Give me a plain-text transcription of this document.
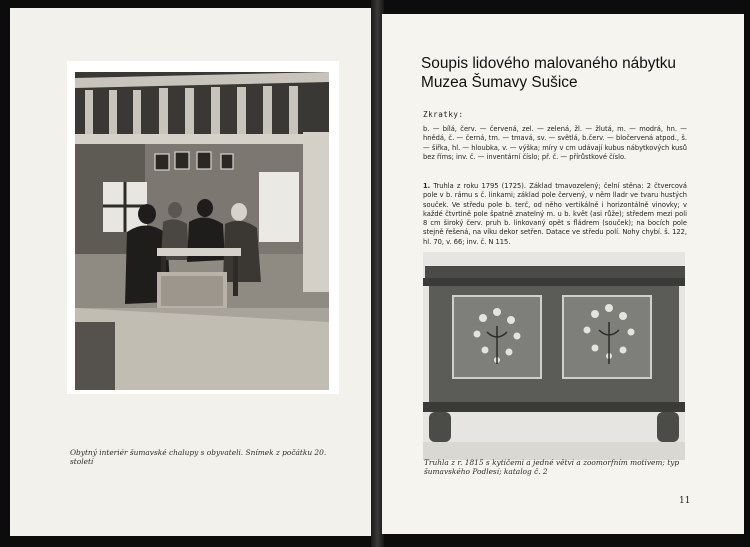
Obytný interiér šumavské chalupy s obyvateli. Snímek z počátku 20. století

Soupis lidového malovaného nábytku
Muzea Šumavy Sušice

Zkratky:

b. — bílá, červ. — červená, zel. — zelená, žl. — žlutá, m. — modrá, hn. — hnědá, č. — černá, tm. — tmavá, sv. — světlá, b.červ. — bločervená atpod., š. — šířka, hl. — hloubka, v. — výška; míry v cm udávají kubus nábytkových kusů bez říms; inv. č. — inventární číslo; př. č. — přírůstkové číslo.

1. Truhla z roku 1795 (1725). Základ tmavozelený; čelní stěna: 2 čtvercová pole v b. rámu s č. linkami; základ pole červený, v něm lladr ve tvaru hustých souček. Ve středu pole b. terč, od něho vertikálně i horizontálně vinovky; v každé čtvrtině pole špatně znatelný m. u b. květ (asi růže); středem mezi poli 8 cm široký červ. pruh b. linkovaný opět s fládrem (souček); na bocích pole stejně řešená, na víku dekor setřen. Datace ve středu polí. Nohy chybí. š. 122, hl. 70, v. 66; inv. č. N 115.

Truhla z r. 1815 s kytičemi a jedné větvi a zoomorfním motivem; typ šumavského Podlesí; katalog č. 2

11
